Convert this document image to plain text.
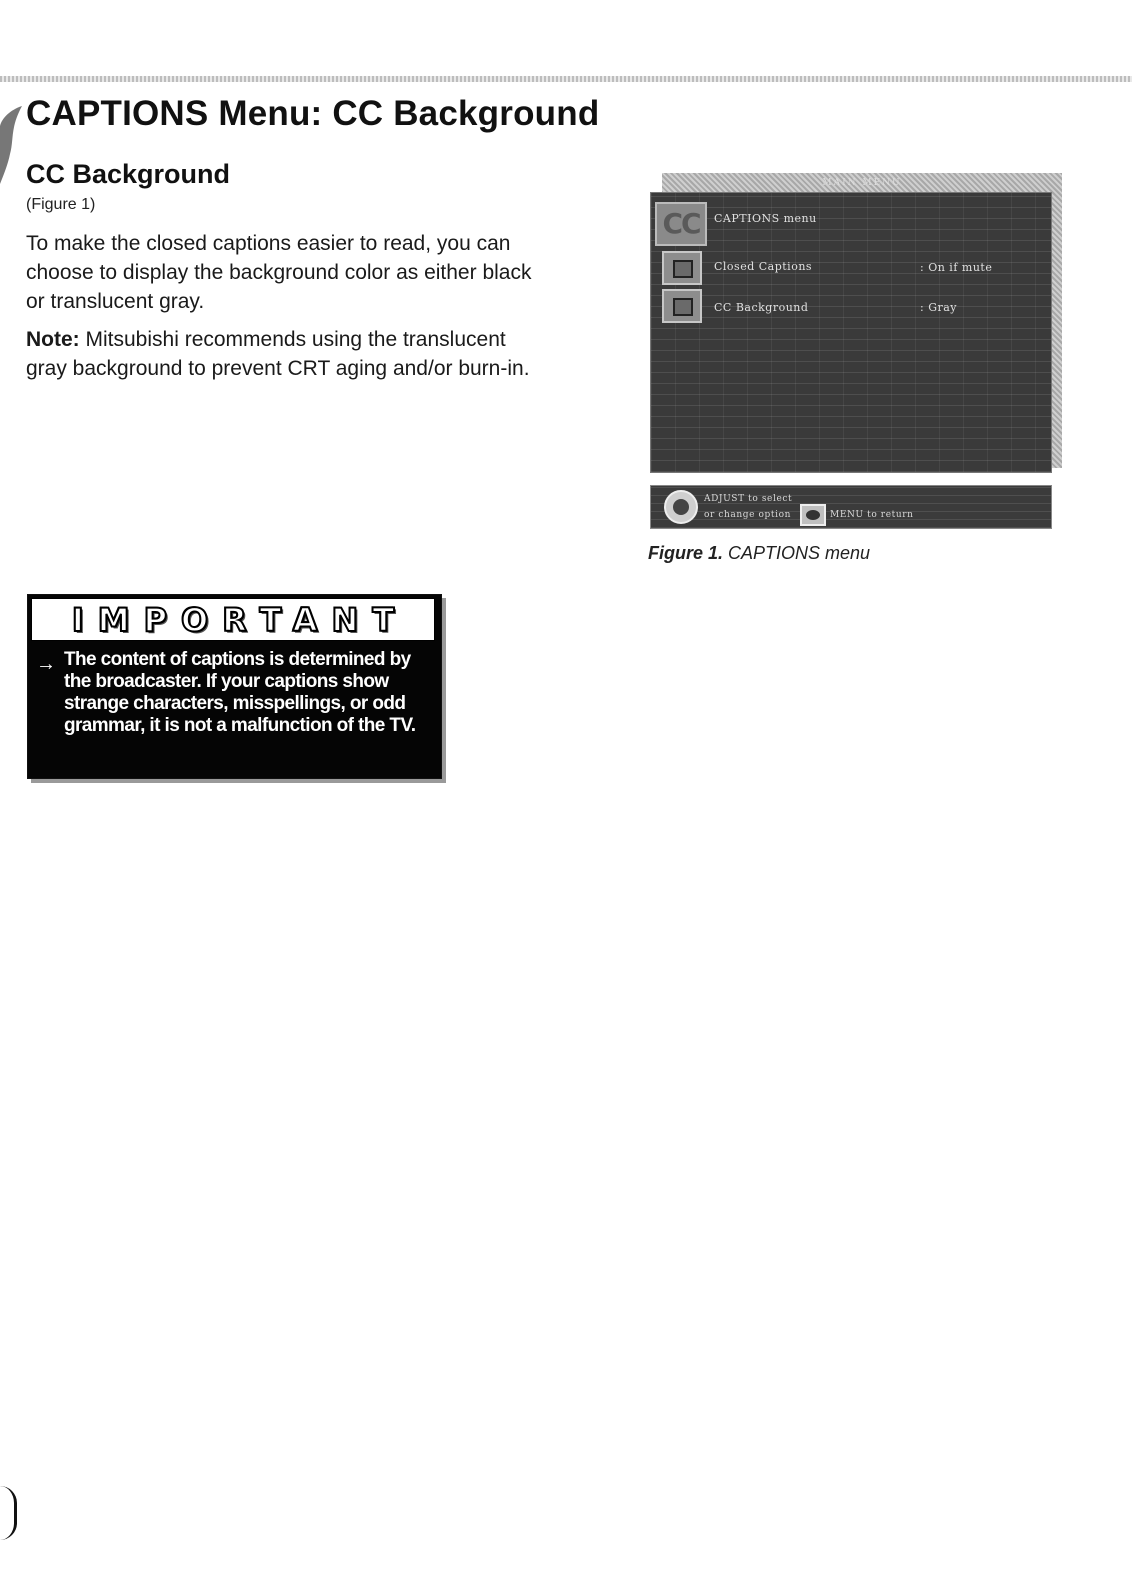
CAPTIONS Menu: CC Background
CC Background
(Figure 1)

To make the closed captions easier to read, you can choose to display the background color as either black or translucent gray.

Note: Mitsubishi recommends using the translucent gray background to prevent CRT aging and/or burn-in.

IMPORTANT
→ The content of captions is determined by the broadcaster. If your captions show strange characters, misspellings, or odd grammar, it is not a malfunction of the TV.

MAIN MENU
CC	CAPTIONS menu
Closed Captions	: On if mute
CC Background	: Gray
ADJUST to select
or change option	MENU to return
Figure 1. CAPTIONS menu
